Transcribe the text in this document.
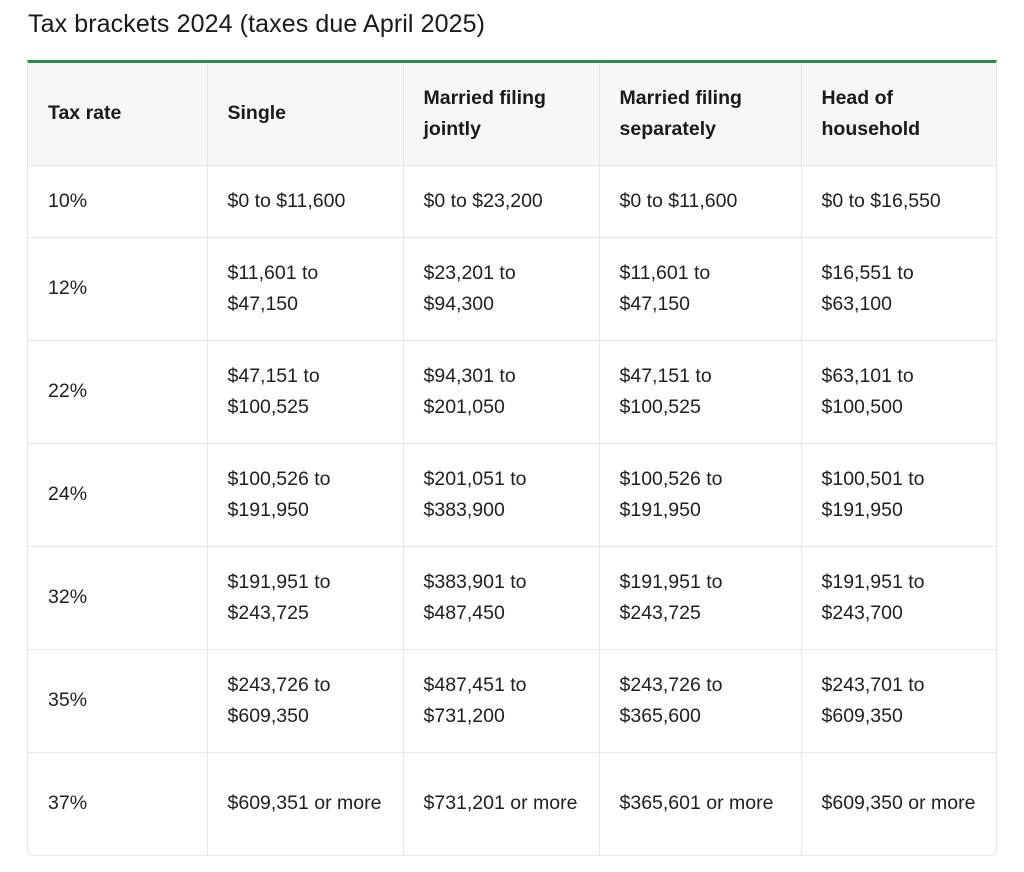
Tax brackets 2024 (taxes due April 2025)
Tax rate	Single	Married filing jointly	Married filing separately	Head of household

10%	$0 to $11,600	$0 to $23,200	$0 to $11,600	$0 to $16,550

12%	$11,601 to $47,150	$23,201 to $94,300	$11,601 to $47,150	$16,551 to $63,100

22%	$47,151 to $100,525	$94,301 to $201,050	$47,151 to $100,525	$63,101 to $100,500

24%	$100,526 to $191,950	$201,051 to $383,900	$100,526 to $191,950	$100,501 to $191,950

32%	$191,951 to $243,725	$383,901 to $487,450	$191,951 to $243,725	$191,951 to $243,700

35%	$243,726 to $609,350	$487,451 to $731,200	$243,726 to $365,600	$243,701 to $609,350

37%	$609,351 or more	$731,201 or more	$365,601 or more	$609,350 or more
